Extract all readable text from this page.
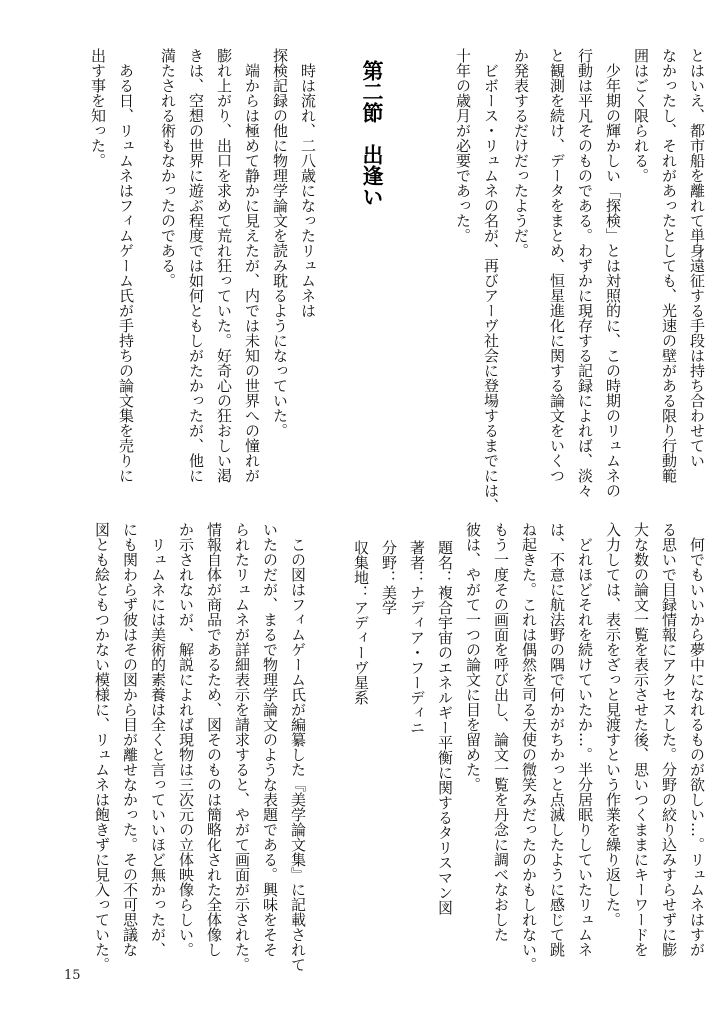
とはいえ、都市船を離れて単身遠征する手段は持ち合わせてい
なかったし、それがあったとしても、光速の壁がある限り行動範
囲はごく限られる。
少年期の輝かしい「探検」とは対照的に、この時期のリュムネの
行動は平凡そのものである。わずかに現存する記録によれば、淡々
と観測を続け、データをまとめ、恒星進化に関する論文をいくつ
か発表するだけだったようだ。
ビボース・リュムネの名が、再びアーヴ社会に登場するまでには、
十年の歳月が必要であった。
第二節　出逢い
時は流れ、二八歳になったリュムネは
探検記録の他に物理学論文を読み耽るようになっていた。
端からは極めて静かに見えたが、内では未知の世界への憧れが
膨れ上がり、出口を求めて荒れ狂っていた。好奇心の狂おしい渇
きは、空想の世界に遊ぶ程度では如何ともしがたかったが、他に
満たされる術もなかったのである。
ある日、リュムネはフィムゲーム氏が手持ちの論文集を売りに
出す事を知った。
何でもいいから夢中になれるものが欲しい…。リュムネはすが
る思いで目録情報にアクセスした。分野の絞り込みすらせずに膨
大な数の論文一覧を表示させた後、思いつくままにキーワードを
入力しては、表示をざっと見渡すという作業を繰り返した。
どれほどそれを続けていたか…。半分居眠りしていたリュムネ
は、不意に航法野の隅で何かがちかっと点滅したように感じて跳
ね起きた。これは偶然を司る天使の微笑みだったのかもしれない。
もう一度その画面を呼び出し、論文一覧を丹念に調べなおした
彼は、やがて一つの論文に目を留めた。
題名：複合宇宙のエネルギー平衡に関するタリスマン図
著者：ナディア・フーディニ
分野：美学
収集地：アディーヴ星系
この図はフィムゲーム氏が編纂した『美学論文集』に記載されて
いたのだが、まるで物理学論文のような表題である。興味をそそ
られたリュムネが詳細表示を請求すると、やがて画面が示された。
情報自体が商品であるため、図そのものは簡略化された全体像し
か示されないが、解説によれば現物は三次元の立体映像らしい。
リュムネには美術的素養は全くと言っていいほど無かったが、
にも関わらず彼はその図から目が離せなかった。その不可思議な
図とも絵ともつかない模様に、リュムネは飽きずに見入っていた。
15
